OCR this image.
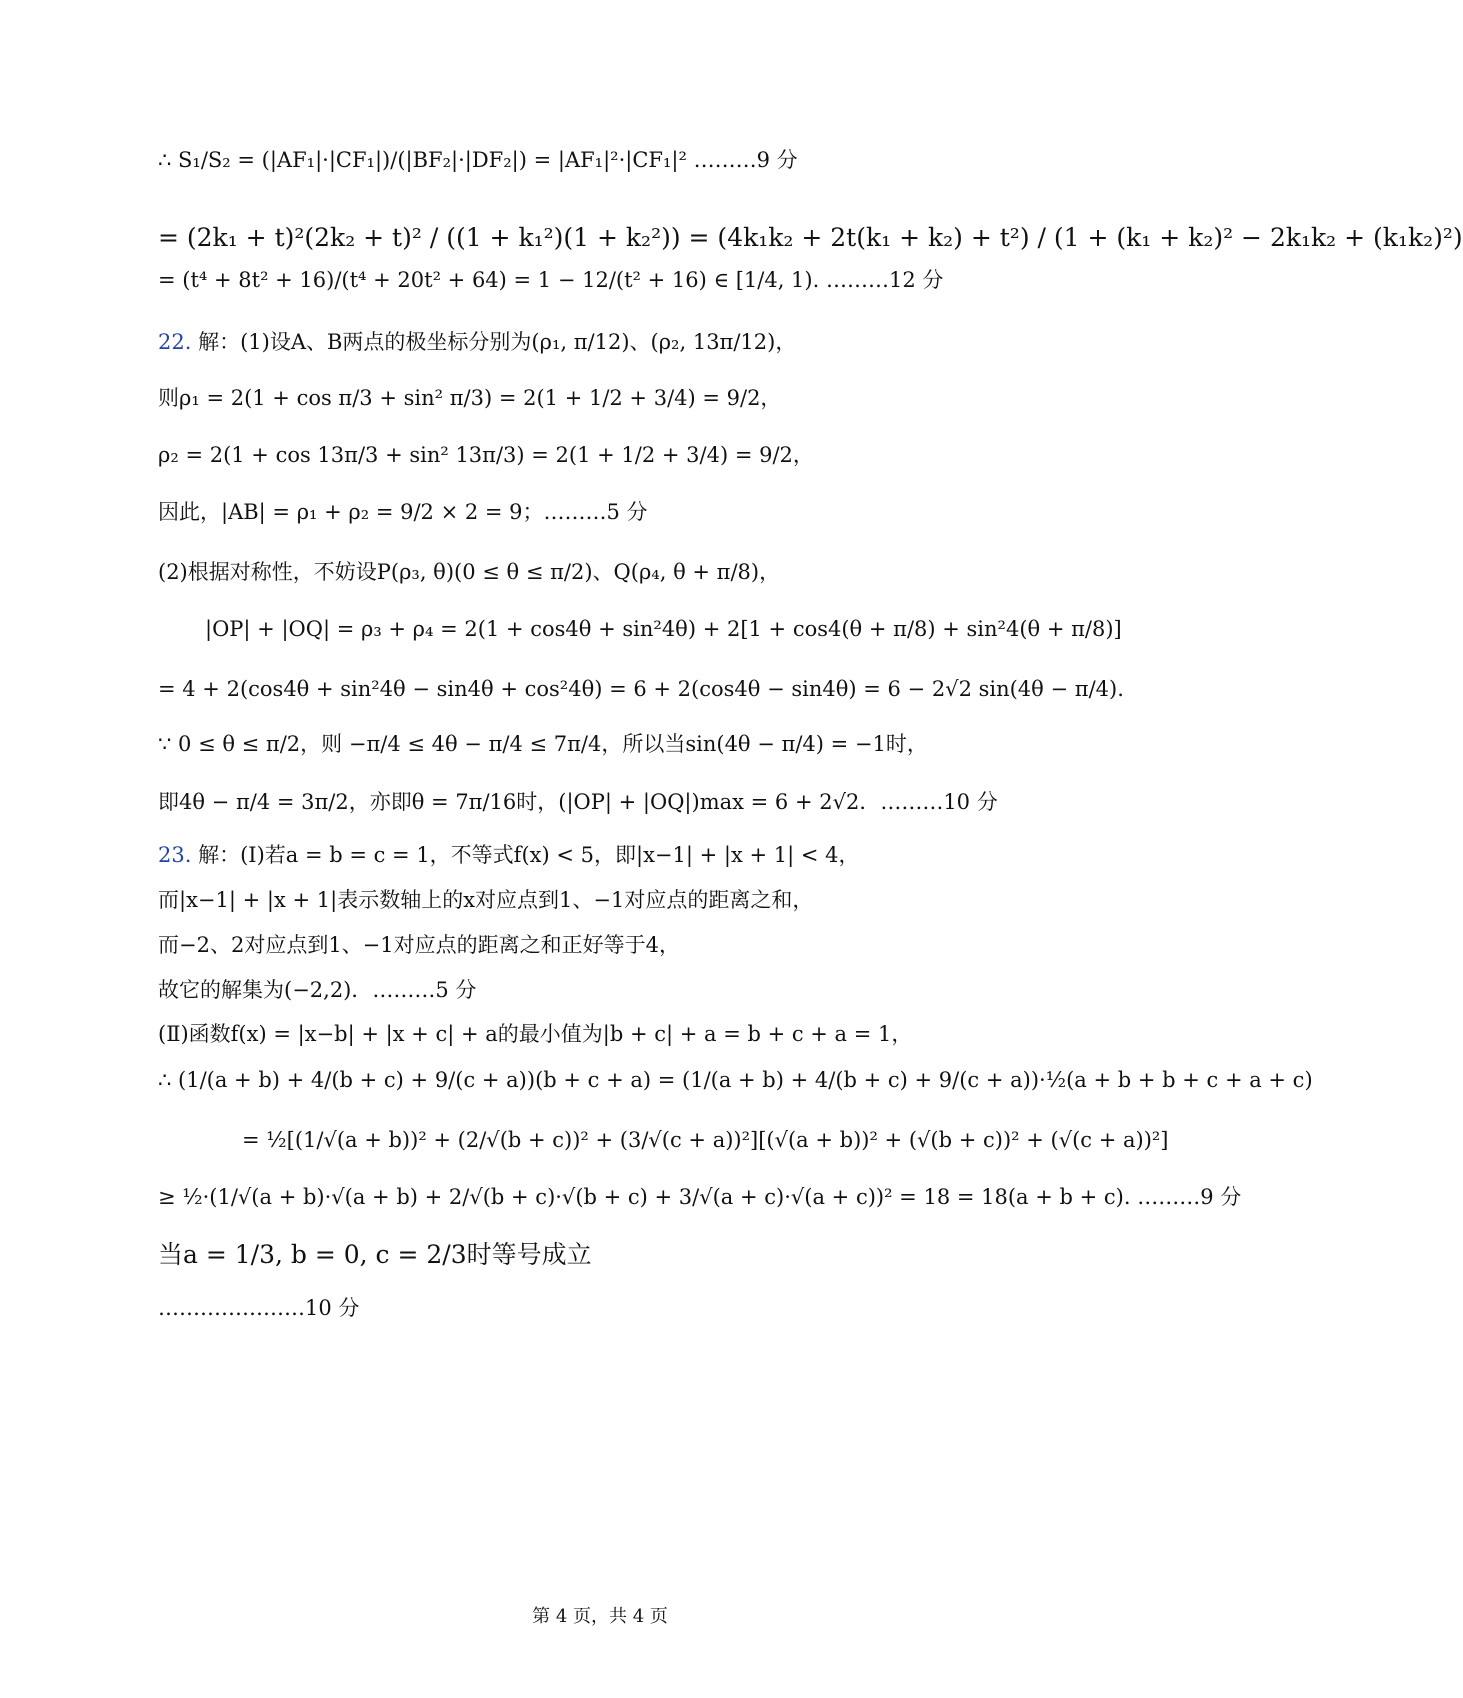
∴ S₁/S₂ = (|AF₁|·|CF₁|)/(|BF₂|·|DF₂|) = |AF₁|²·|CF₁|² ………9 分
= (2k₁ + t)²(2k₂ + t)² / ((1 + k₁²)(1 + k₂²)) = (4k₁k₂ + 2t(k₁ + k₂) + t²) / (1 + (k₁ + k₂)² − 2k₁k₂ + (k₁k₂)²)
= (t⁴ + 8t² + 16)/(t⁴ + 20t² + 64) = 1 − 12/(t² + 16) ∈ [1/4, 1). ………12 分
22. 解：(1)设A、B两点的极坐标分别为(ρ₁, π/12)、(ρ₂, 13π/12)，
则ρ₁ = 2(1 + cos π/3 + sin² π/3) = 2(1 + 1/2 + 3/4) = 9/2，
ρ₂ = 2(1 + cos 13π/3 + sin² 13π/3) = 2(1 + 1/2 + 3/4) = 9/2，
因此，|AB| = ρ₁ + ρ₂ = 9/2 × 2 = 9；………5 分
(2)根据对称性，不妨设P(ρ₃, θ)(0 ≤ θ ≤ π/2)、Q(ρ₄, θ + π/8)，
|OP| + |OQ| = ρ₃ + ρ₄ = 2(1 + cos4θ + sin²4θ) + 2[1 + cos4(θ + π/8) + sin²4(θ + π/8)]
= 4 + 2(cos4θ + sin²4θ − sin4θ + cos²4θ) = 6 + 2(cos4θ − sin4θ) = 6 − 2√2 sin(4θ − π/4).
∵ 0 ≤ θ ≤ π/2，则 −π/4 ≤ 4θ − π/4 ≤ 7π/4，所以当sin(4θ − π/4) = −1时，
即4θ − π/4 = 3π/2，亦即θ = 7π/16时，(|OP| + |OQ|)max = 6 + 2√2．………10 分
23. 解：(Ⅰ)若a = b = c = 1，不等式f(x) < 5，即|x−1| + |x + 1| < 4，
而|x−1| + |x + 1|表示数轴上的x对应点到1、−1对应点的距离之和，
而−2、2对应点到1、−1对应点的距离之和正好等于4，
故它的解集为(−2,2)．………5 分
(Ⅱ)函数f(x) = |x−b| + |x + c| + a的最小值为|b + c| + a = b + c + a = 1，
∴ (1/(a + b) + 4/(b + c) + 9/(c + a))(b + c + a) = (1/(a + b) + 4/(b + c) + 9/(c + a))·½(a + b + b + c + a + c)
= ½[(1/√(a + b))² + (2/√(b + c))² + (3/√(c + a))²][(√(a + b))² + (√(b + c))² + (√(c + a))²]
≥ ½·(1/√(a + b)·√(a + b) + 2/√(b + c)·√(b + c) + 3/√(a + c)·√(a + c))² = 18 = 18(a + b + c). ………9 分
当a = 1/3, b = 0, c = 2/3时等号成立
…………………10 分
第 4 页，共 4 页
